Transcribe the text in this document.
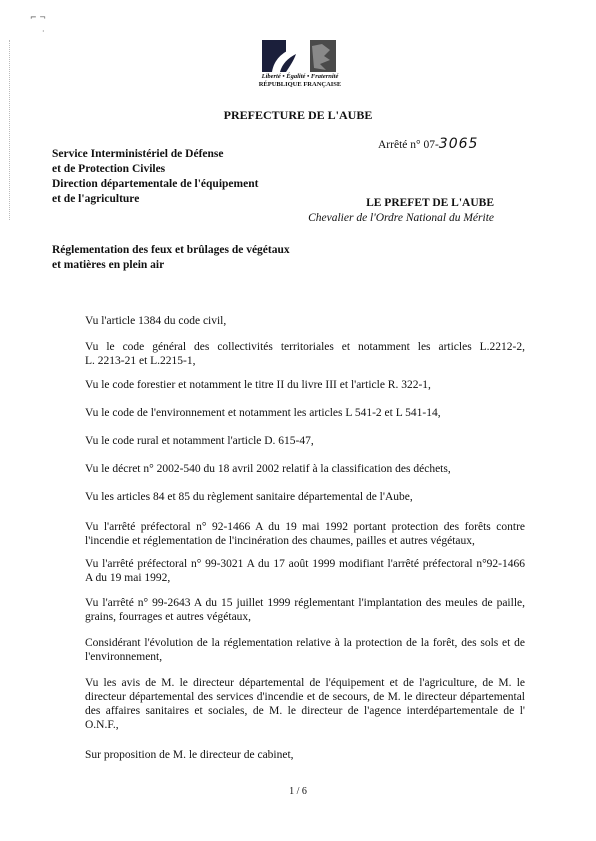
⌐ ¬
·
Liberté • Égalité • Fraternité
RÉPUBLIQUE FRANÇAISE
PREFECTURE DE L'AUBE
Arrêté n° 07-3065
Service Interministériel de Défense
et de Protection Civiles
Direction départementale de l'équipement
et de l'agriculture	LE PREFET DE L'AUBE
Chevalier de l'Ordre National du Mérite
Réglementation des feux et brûlages de végétaux
et matières en plein air
Vu l'article 1384 du code civil,
Vu le code général des collectivités territoriales et notamment les articles L.2212-2,
L. 2213-21 et L.2215-1,
Vu le code forestier et notamment le titre II du livre III et l'article R. 322-1,
Vu le code de l'environnement et notamment les articles L 541-2 et L 541-14,
Vu le code rural et notamment l'article D. 615-47,
Vu le décret n° 2002-540 du 18 avril 2002 relatif à la classification des déchets,
Vu les articles 84 et 85 du règlement sanitaire départemental de l'Aube,
Vu l'arrêté préfectoral n° 92-1466 A du 19 mai 1992 portant protection des forêts contre
l'incendie et réglementation de l'incinération des chaumes, pailles et autres végétaux,
Vu l'arrêté préfectoral n° 99-3021 A du 17 août 1999 modifiant l'arrêté préfectoral n°92-1466
A du 19 mai 1992,
Vu l'arrêté n° 99-2643 A du 15 juillet 1999 réglementant l'implantation des meules de paille,
grains, fourrages et autres végétaux,
Considérant l'évolution de la réglementation relative à la protection de la forêt, des sols et de
l'environnement,
Vu les avis de M. le directeur départemental de l'équipement et de l'agriculture, de M. le
directeur départemental des services d'incendie et de secours, de M. le directeur départemental
des affaires sanitaires et sociales, de M. le directeur de l'agence interdépartementale de l'
O.N.F.,
Sur proposition de M. le directeur de cabinet,
1 / 6
